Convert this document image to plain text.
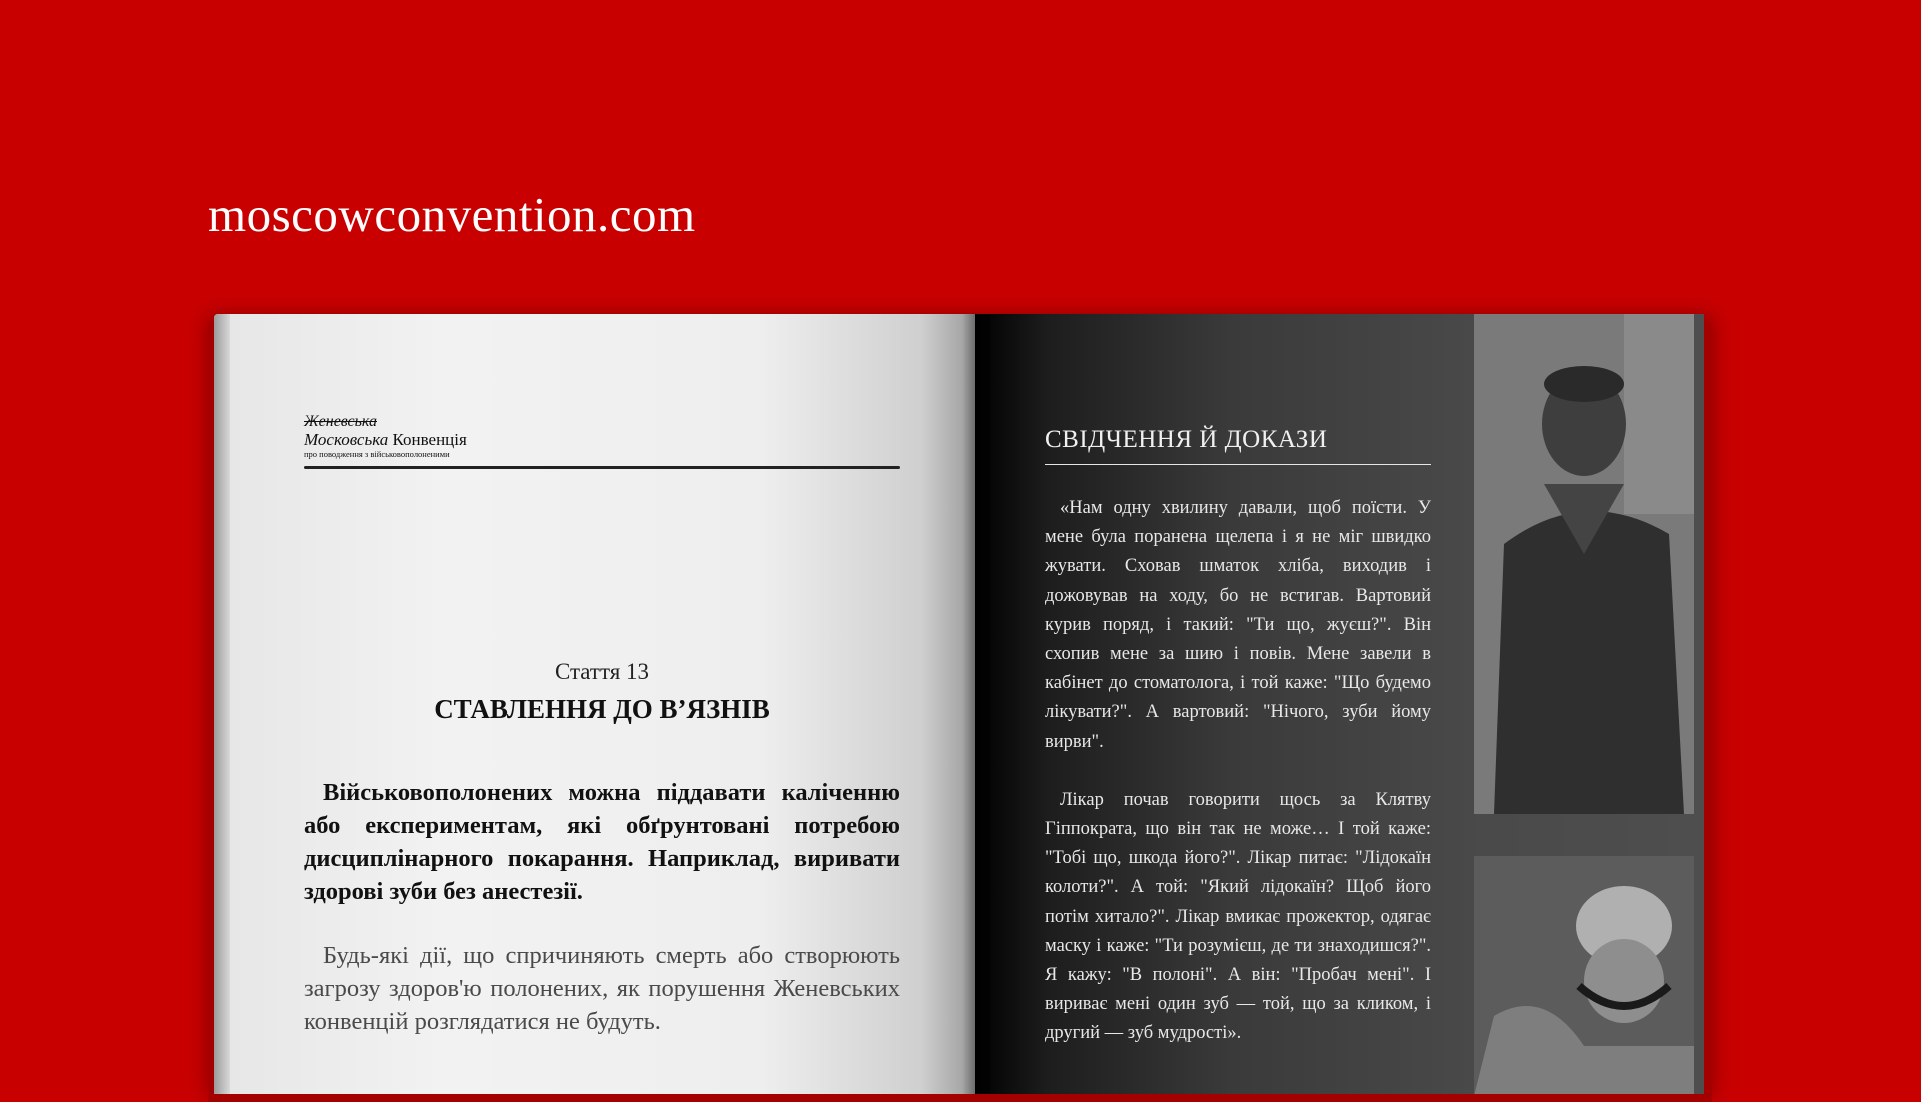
moscowconvention.com
Женевська
Московська Конвенція
про поводження з військовополоненими
Стаття 13
СТАВЛЕННЯ ДО В’ЯЗНІВ
Військовополонених можна піддавати каліченню або експериментам, які обґрунтовані потребою дисциплінарного покарання. Наприклад, виривати здорові зуби без анестезії.
Будь-які дії, що спричиняють смерть або створюють загрозу здоров'ю полонених, як порушення Женевських конвенцій розглядатися не будуть.
СВІДЧЕННЯ Й ДОКАЗИ

«Нам одну хвилину давали, щоб поїсти. У мене була поранена щелепа і я не міг швидко жувати. Сховав шматок хліба, виходив і дожовував на ходу, бо не встигав. Вартовий курив поряд, і такий: "Ти що, жуєш?". Він схопив мене за шию і повів. Мене завели в кабінет до стоматолога, і той каже: "Що будемо лікувати?". А вартовий: "Нічого, зуби йому вирви".

Лікар почав говорити щось за Клятву Гіппократа, що він так не може… І той каже: "Тобі що, шкода його?". Лікар питає: "Лідокаїн колоти?". А той: "Який лідокаїн? Щоб його потім хитало?". Лікар вмикає прожектор, одягає маску і каже: "Ти розумієш, де ти знаходишся?". Я кажу: "В полоні". А він: "Пробач мені". І вириває мені один зуб — той, що за кликом, і другий — зуб мудрості».
